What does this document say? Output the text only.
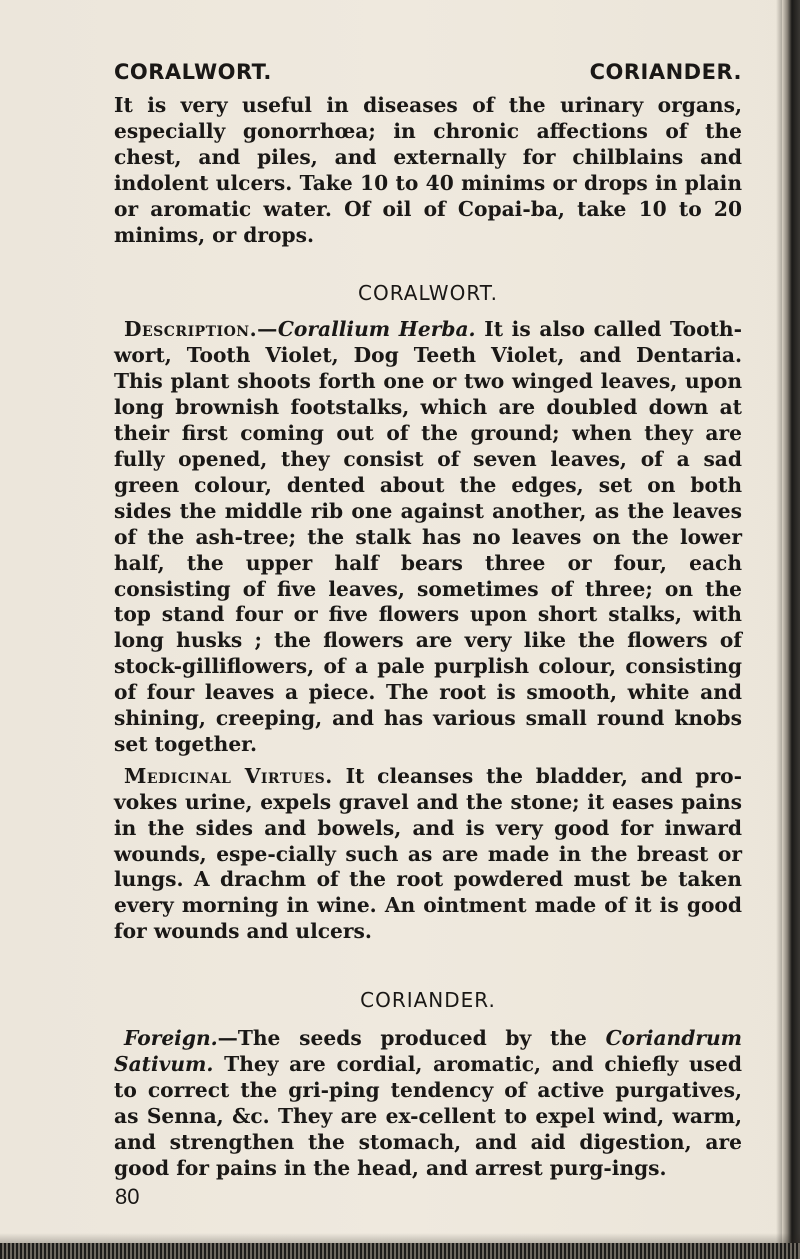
CORALWORT.	CORIANDER.

It is very useful in diseases of the urinary organs, especially gonorrhœa; in chronic affections of the chest, and piles, and externally for chilblains and indolent ulcers. Take 10 to 40 minims or drops in plain or aromatic water. Of oil of Copai-ba, take 10 to 20 minims, or drops.

CORALWORT.

Description.—Corallium Herba. It is also called Tooth-wort, Tooth Violet, Dog Teeth Violet, and Dentaria. This plant shoots forth one or two winged leaves, upon long brownish footstalks, which are doubled down at their first coming out of the ground; when they are fully opened, they consist of seven leaves, of a sad green colour, dented about the edges, set on both sides the middle rib one against another, as the leaves of the ash-tree; the stalk has no leaves on the lower half, the upper half bears three or four, each consisting of five leaves, sometimes of three; on the top stand four or five flowers upon short stalks, with long husks ; the flowers are very like the flowers of stock-gilliflowers, of a pale purplish colour, consisting of four leaves a piece. The root is smooth, white and shining, creeping, and has various small round knobs set together.

Medicinal Virtues. It cleanses the bladder, and pro-vokes urine, expels gravel and the stone; it eases pains in the sides and bowels, and is very good for inward wounds, espe-cially such as are made in the breast or lungs. A drachm of the root powdered must be taken every morning in wine. An ointment made of it is good for wounds and ulcers.

CORIANDER.

Foreign.—The seeds produced by the Coriandrum Sativum. They are cordial, aromatic, and chiefly used to correct the gri-ping tendency of active purgatives, as Senna, &c. They are ex-cellent to expel wind, warm, and strengthen the stomach, and aid digestion, are good for pains in the head, and arrest purg-ings.

80
